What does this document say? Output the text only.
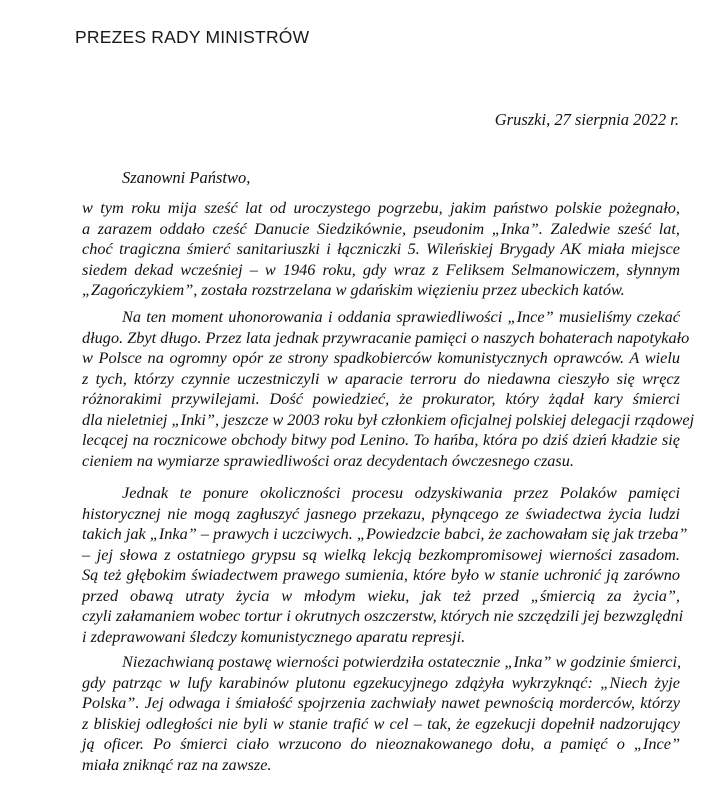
PREZES RADY MINISTRÓW
Gruszki, 27 sierpnia 2022 r.
Szanowni Państwo,
w tym roku mija sześć lat od uroczystego pogrzebu, jakim państwo polskie pożegnało,
a zarazem oddało cześć Danucie Siedzikównie, pseudonim „Inka”. Zaledwie sześć lat,
choć tragiczna śmierć sanitariuszki i łączniczki 5. Wileńskiej Brygady AK miała miejsce
siedem dekad wcześniej – w 1946 roku, gdy wraz z Feliksem Selmanowiczem, słynnym
„Zagończykiem”, została rozstrzelana w gdańskim więzieniu przez ubeckich katów.
Na ten moment uhonorowania i oddania sprawiedliwości „Ince” musieliśmy czekać
długo. Zbyt długo. Przez lata jednak przywracanie pamięci o naszych bohaterach napotykało
w Polsce na ogromny opór ze strony spadkobierców komunistycznych oprawców. A wielu
z tych, którzy czynnie uczestniczyli w aparacie terroru do niedawna cieszyło się wręcz
różnorakimi przywilejami. Dość powiedzieć, że prokurator, który żądał kary śmierci
dla nieletniej „Inki”, jeszcze w 2003 roku był członkiem oficjalnej polskiej delegacji rządowej
lecącej na rocznicowe obchody bitwy pod Lenino. To hańba, która po dziś dzień kładzie się
cieniem na wymiarze sprawiedliwości oraz decydentach ówczesnego czasu.
Jednak te ponure okoliczności procesu odzyskiwania przez Polaków pamięci
historycznej nie mogą zagłuszyć jasnego przekazu, płynącego ze świadectwa życia ludzi
takich jak „Inka” – prawych i uczciwych. „Powiedzcie babci, że zachowałam się jak trzeba”
– jej słowa z ostatniego grypsu są wielką lekcją bezkompromisowej wierności zasadom.
Są też głębokim świadectwem prawego sumienia, które było w stanie uchronić ją zarówno
przed obawą utraty życia w młodym wieku, jak też przed „śmiercią za życia”,
czyli załamaniem wobec tortur i okrutnych oszczerstw, których nie szczędzili jej bezwzględni
i zdeprawowani śledczy komunistycznego aparatu represji.
Niezachwianą postawę wierności potwierdziła ostatecznie „Inka” w godzinie śmierci,
gdy patrząc w lufy karabinów plutonu egzekucyjnego zdążyła wykrzyknąć: „Niech żyje
Polska”. Jej odwaga i śmiałość spojrzenia zachwiały nawet pewnością morderców, którzy
z bliskiej odległości nie byli w stanie trafić w cel – tak, że egzekucji dopełnił nadzorujący
ją oficer. Po śmierci ciało wrzucono do nieoznakowanego dołu, a pamięć o „Ince”
miała zniknąć raz na zawsze.
